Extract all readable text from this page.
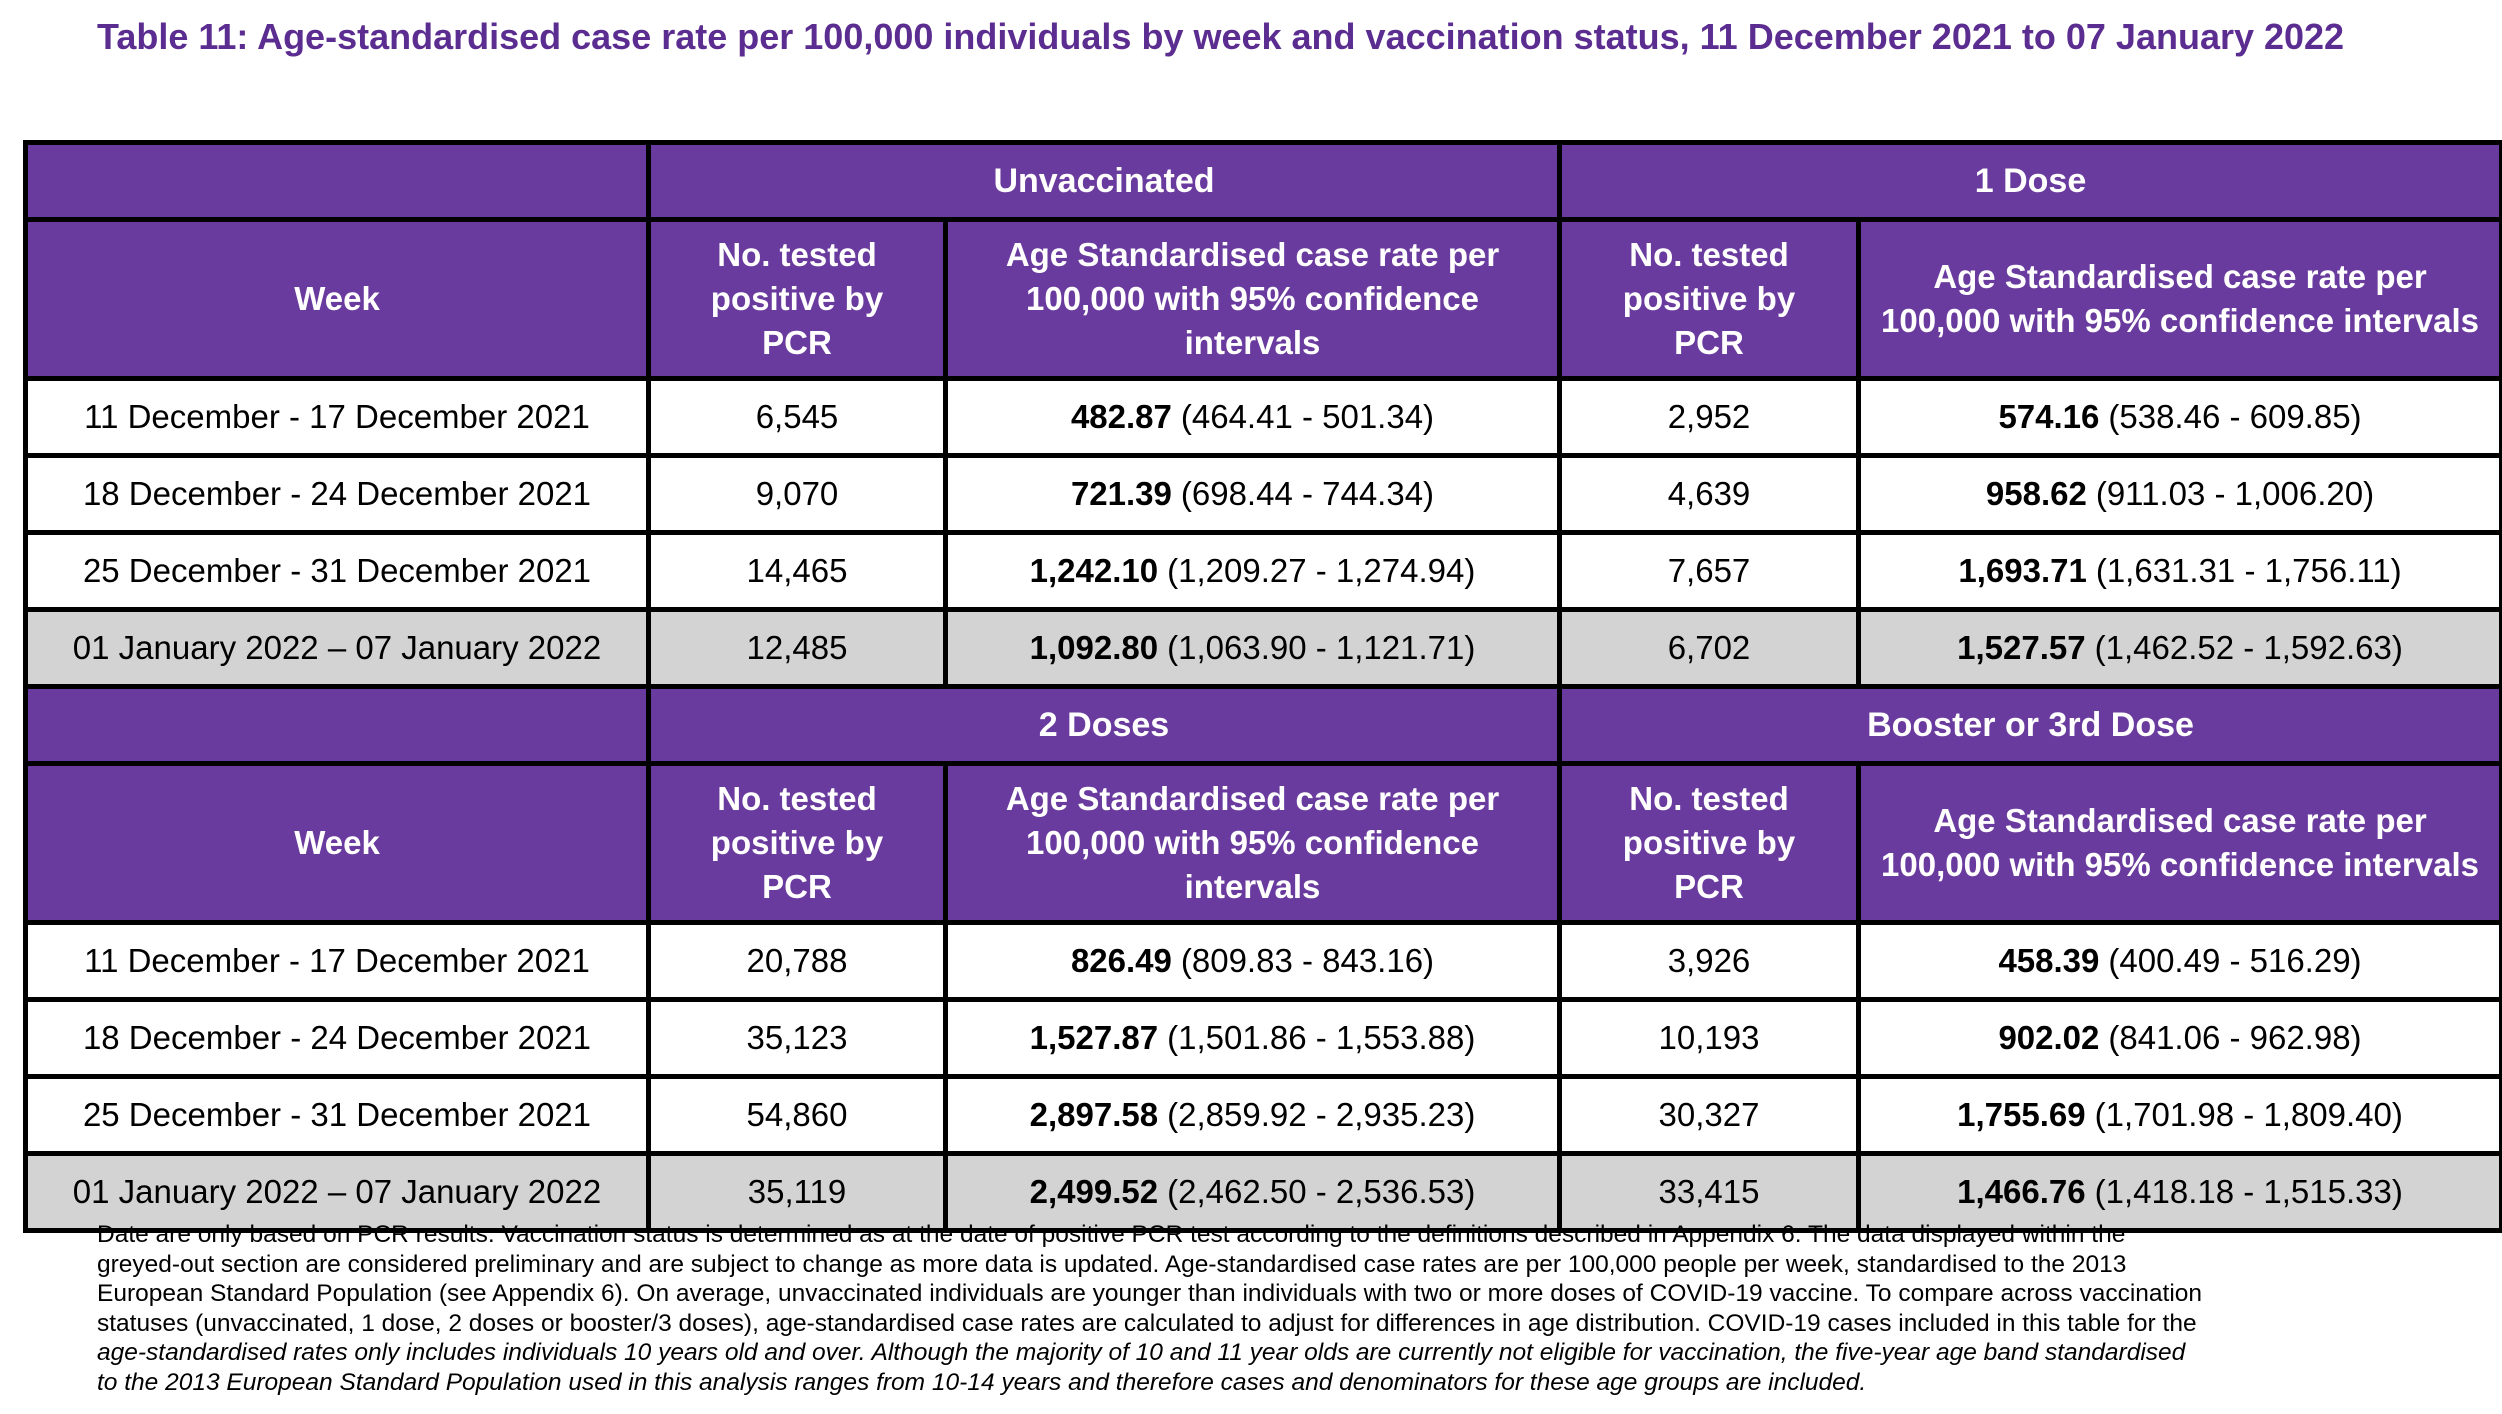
Table 11: Age-standardised case rate per 100,000 individuals by week and vaccination status, 11 December 2021 to 07 January 2022
	Unvaccinated		1 Dose	
Week	No. tested positive by PCR	Age Standardised case rate per 100,000 with 95% confidence intervals	No. tested positive by PCR	Age Standardised case rate per 100,000 with 95% confidence intervals
11 December - 17 December 2021	6,545	482.87 (464.41 - 501.34)	2,952	574.16 (538.46 - 609.85)
18 December - 24 December 2021	9,070	721.39 (698.44 - 744.34)	4,639	958.62 (911.03 - 1,006.20)
25 December - 31 December 2021	14,465	1,242.10 (1,209.27 - 1,274.94)	7,657	1,693.71 (1,631.31 - 1,756.11)
01 January 2022 – 07 January 2022	12,485	1,092.80 (1,063.90 - 1,121.71)	6,702	1,527.57 (1,462.52 - 1,592.63)
	2 Doses		Booster or 3rd Dose	
Week	No. tested positive by PCR	Age Standardised case rate per 100,000 with 95% confidence intervals	No. tested positive by PCR	Age Standardised case rate per 100,000 with 95% confidence intervals
11 December - 17 December 2021	20,788	826.49 (809.83 - 843.16)	3,926	458.39 (400.49 - 516.29)
18 December - 24 December 2021	35,123	1,527.87 (1,501.86 - 1,553.88)	10,193	902.02 (841.06 - 962.98)
25 December - 31 December 2021	54,860	2,897.58 (2,859.92 - 2,935.23)	30,327	1,755.69 (1,701.98 - 1,809.40)
01 January 2022 – 07 January 2022	35,119	2,499.52 (2,462.50 - 2,536.53)	33,415	1,466.76 (1,418.18 - 1,515.33)
Date are only based on PCR results. Vaccination status is determined as at the date of positive PCR test according to the definitions described in Appendix 6. The data displayed within the
greyed-out section are considered preliminary and are subject to change as more data is updated. Age-standardised case rates are per 100,000 people per week, standardised to the 2013
European Standard Population (see Appendix 6). On average, unvaccinated individuals are younger than individuals with two or more doses of COVID-19 vaccine. To compare across vaccination
statuses (unvaccinated, 1 dose, 2 doses or booster/3 doses), age-standardised case rates are calculated to adjust for differences in age distribution. COVID-19 cases included in this table for the
age-standardised rates only includes individuals 10 years old and over. Although the majority of 10 and 11 year olds are currently not eligible for vaccination, the five-year age band standardised
to the 2013 European Standard Population used in this analysis ranges from 10-14 years and therefore cases and denominators for these age groups are included.
